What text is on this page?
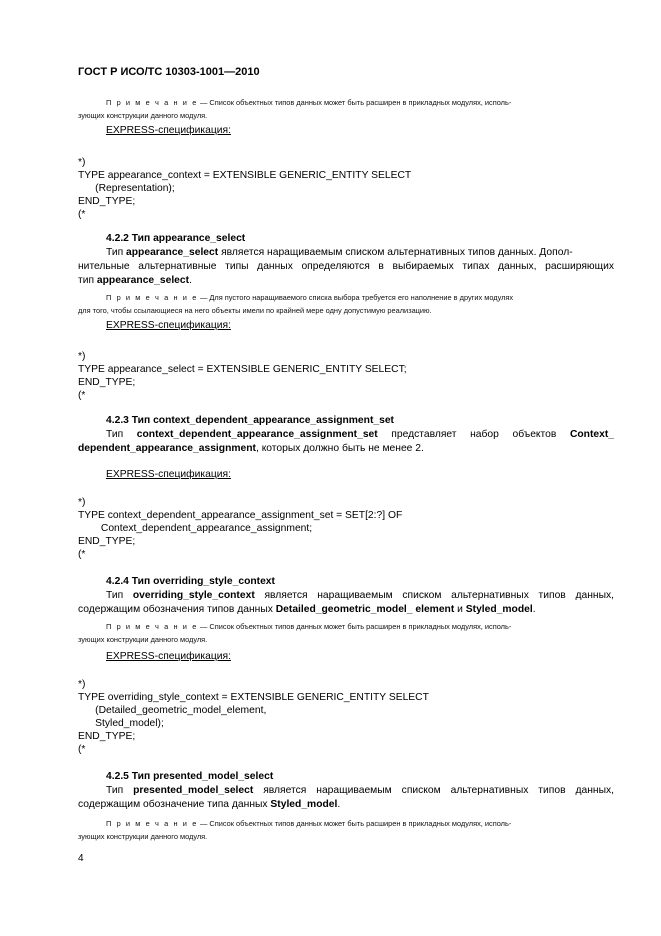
ГОСТ Р ИСО/ТС 10303-1001—2010
П р и м е ч а н и е — Список объектных типов данных может быть расширен в прикладных модулях, исполь-
зующих конструкции данного модуля.
EXPRESS-спецификация:
*)
TYPE appearance_context = EXTENSIBLE GENERIC_ENTITY SELECT
(Representation);
END_TYPE;
(*
4.2.2 Тип appearance_select
Тип appearance_select является наращиваемым списком альтернативных типов данных. Допол-
нительные альтернативные типы данных определяются в выбираемых типах данных, расширяющих
тип appearance_select.
П р и м е ч а н и е — Для пустого наращиваемого списка выбора требуется его наполнение в других модулях
для того, чтобы ссылающиеся на него объекты имели по крайней мере одну допустимую реализацию.
EXPRESS-спецификация:
*)
TYPE appearance_select = EXTENSIBLE GENERIC_ENTITY SELECT;
END_TYPE;
(*
4.2.3 Тип context_dependent_appearance_assignment_set
Тип context_dependent_appearance_assignment_set представляет набор объектов Context_
dependent_appearance_assignment, которых должно быть не менее 2.
EXPRESS-спецификация:
*)
TYPE context_dependent_appearance_assignment_set = SET[2:?] OF
Context_dependent_appearance_assignment;
END_TYPE;
(*
4.2.4 Тип overriding_style_context
Тип overriding_style_context является наращиваемым списком альтернативных типов данных,
содержащим обозначения типов данных Detailed_geometric_model_ element и Styled_model.
П р и м е ч а н и е — Список объектных типов данных может быть расширен в прикладных модулях, исполь-
зующих конструкции данного модуля.
EXPRESS-спецификация:
*)
TYPE overriding_style_context = EXTENSIBLE GENERIC_ENTITY SELECT
(Detailed_geometric_model_element,
Styled_model);
END_TYPE;
(*
4.2.5 Тип presented_model_select
Тип presented_model_select является наращиваемым списком альтернативных типов данных,
содержащим обозначение типа данных Styled_model.
П р и м е ч а н и е — Список объектных типов данных может быть расширен в прикладных модулях, исполь-
зующих конструкции данного модуля.
4
